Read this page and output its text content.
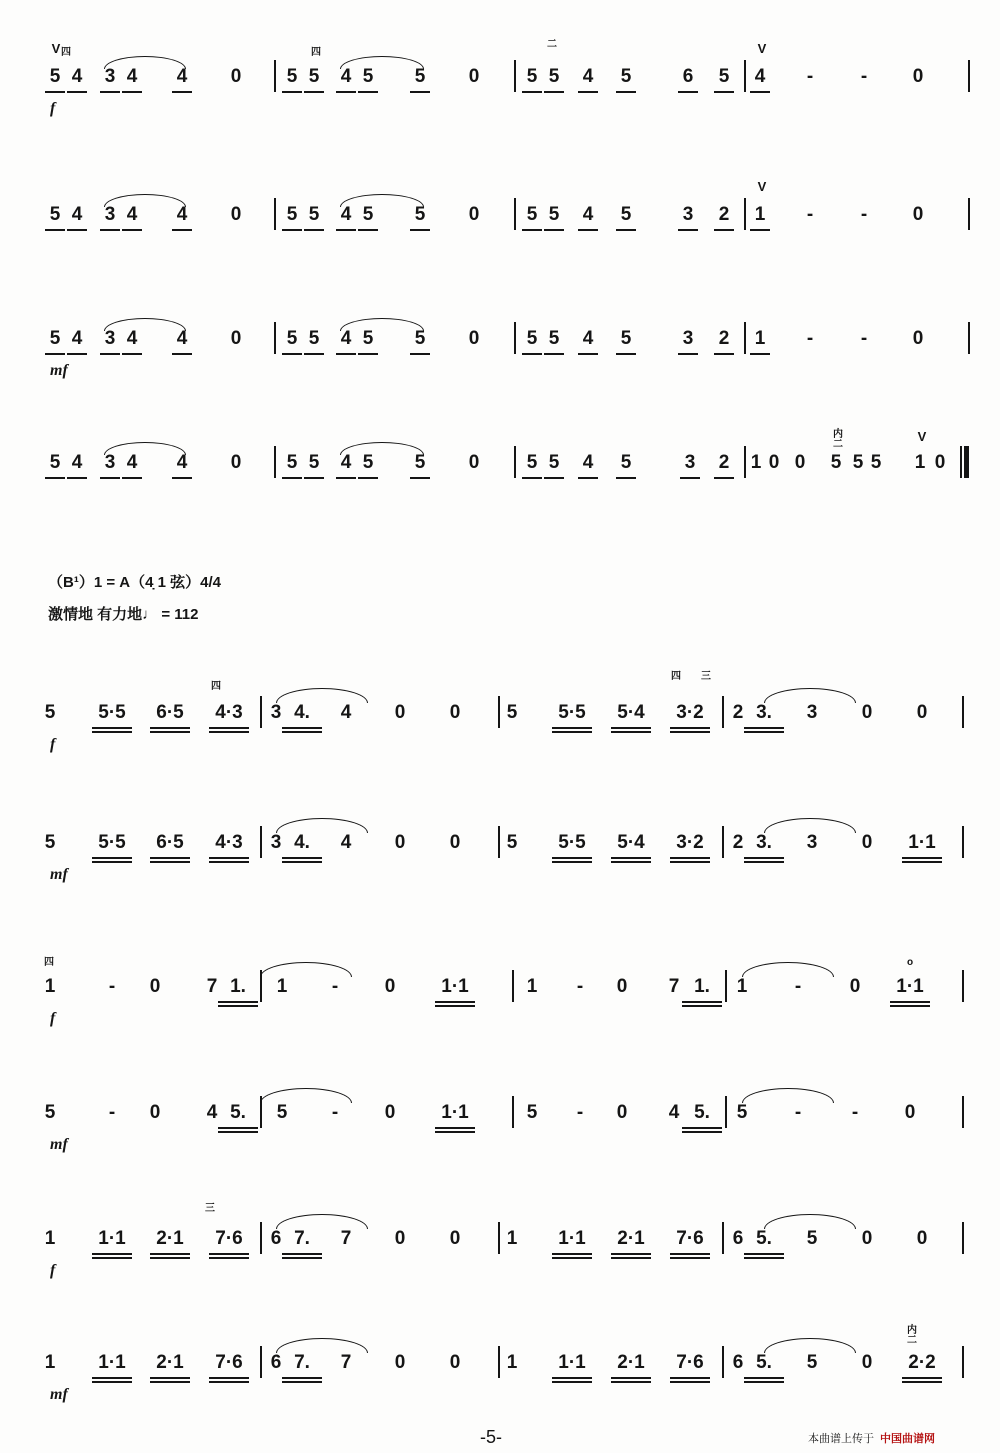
（B¹）1 = A（4̣ 1 弦）4/4
激情地 有力地♩ = 112
-5-	本曲谱上传于 中国曲谱网
5 4 3 4 4 0 5 5 4 5 5 0 5 5 4 5	6 5 4 -	- 0
f
5 4 3 4 4 0 5 5 4 5 5 0 5 5 4 5	3 2 1 -	- 0
5 4 3 4 4 0 5 5 4 5 5 0 5 5 4 5	3 2 1 -	- 0
mf
5 4 3 4 4 0 5 5 4 5 5 0 5 5 4 5	3 2 1 0 0 5 5 5 1 0
5	5·5	6·5	4·3	3 4.	4 0 0 5	5·5	5·4	3·2	2 3.	3 0 0
f
5	5·5	6·5	4·3	3 4.	4 0 0 5	5·5	5·4	3·2	2 3.	3 0	1·1
mf
1	- 0 7 1.	1 - 0	1·1	1 - 0 7 1.	1	-	0	1·1
f
5	- 0 4 5.	5 - 0	1·1	5 - 0 4 5.	5	-	- 0
mf
1	1·1	2·1	7·6	6 7.	7 0 0 1	1·1	2·1	7·6	6 5.	5 0 0
f
1	1·1	2·1	7·6	6 7.	7 0 0 1	1·1	2·1	7·6	6 5.	5 0	2·2
mf
V 四	四
二	V
V
V
内二
四
四 三
四	o
三
内二
